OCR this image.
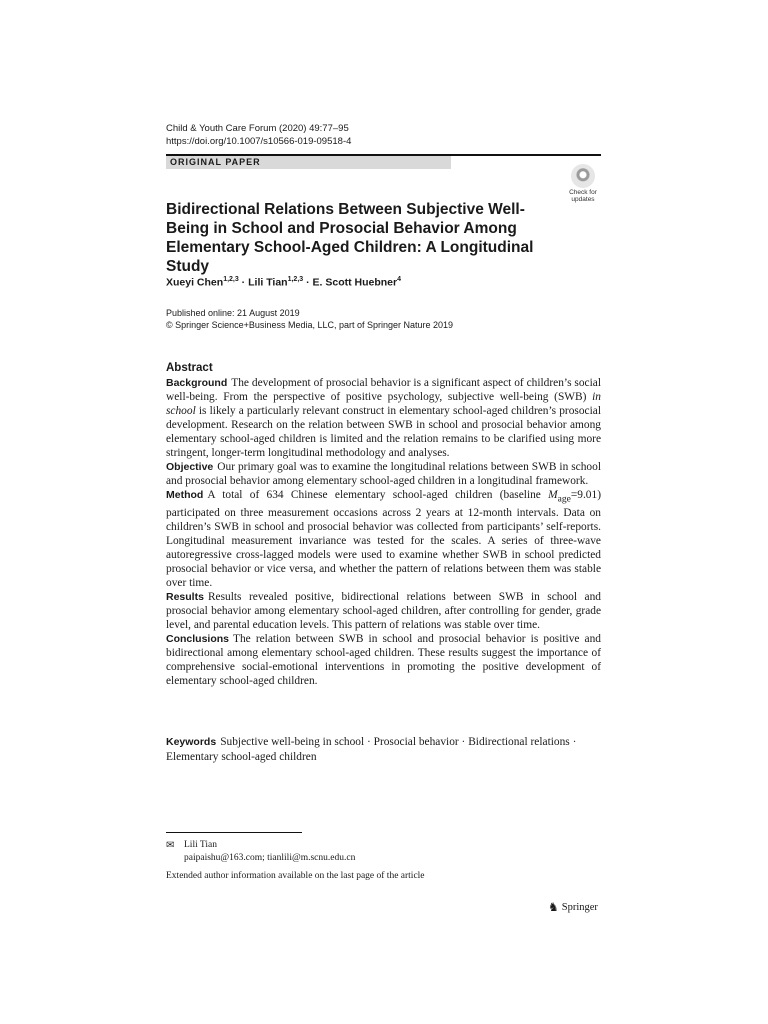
Child & Youth Care Forum (2020) 49:77–95
https://doi.org/10.1007/s10566-019-09518-4
ORIGINAL PAPER
Check for
updates
Bidirectional Relations Between Subjective Well-Being in School and Prosocial Behavior Among Elementary School-Aged Children: A Longitudinal Study
Xueyi Chen$^{1,2,3}$ · Lili Tian$^{1,2,3}$ · E. Scott Huebner$^4$
Published online: 21 August 2019
© Springer Science+Business Media, LLC, part of Springer Nature 2019
Abstract

Background The development of prosocial behavior is a significant aspect of children’s social well-being. From the perspective of positive psychology, subjective well-being (SWB) in school is likely a particularly relevant construct in elementary school-aged children’s prosocial development. Research on the relation between SWB in school and prosocial behavior among elementary school-aged children is limited and the relation remains to be clarified using more stringent, longer-term longitudinal methodology and analyses.

Objective Our primary goal was to examine the longitudinal relations between SWB in school and prosocial behavior among elementary school-aged children in a longitudinal framework.

Method A total of 634 Chinese elementary school-aged children (baseline $M_{age}=9.01$) participated on three measurement occasions across 2 years at 12-month intervals. Data on children’s SWB in school and prosocial behavior was collected from participants’ self-reports. Longitudinal measurement invariance was tested for the scales. A series of three-wave autoregressive cross-lagged models were used to examine whether SWB in school predicted prosocial behavior or vice versa, and whether the pattern of relations between them was stable over time.

Results Results revealed positive, bidirectional relations between SWB in school and prosocial behavior among elementary school-aged children, after controlling for gender, grade level, and parental education levels. This pattern of relations was stable over time.

Conclusions The relation between SWB in school and prosocial behavior is positive and bidirectional among elementary school-aged children. These results suggest the importance of comprehensive social-emotional interventions in promoting the positive development of elementary school-aged children.

Keywords Subjective well-being in school · Prosocial behavior · Bidirectional relations · Elementary school-aged children
✉	Lili Tian
paipaishu@163.com; tianlili@m.scnu.edu.cn
Extended author information available on the last page of the article
♞ Springer
